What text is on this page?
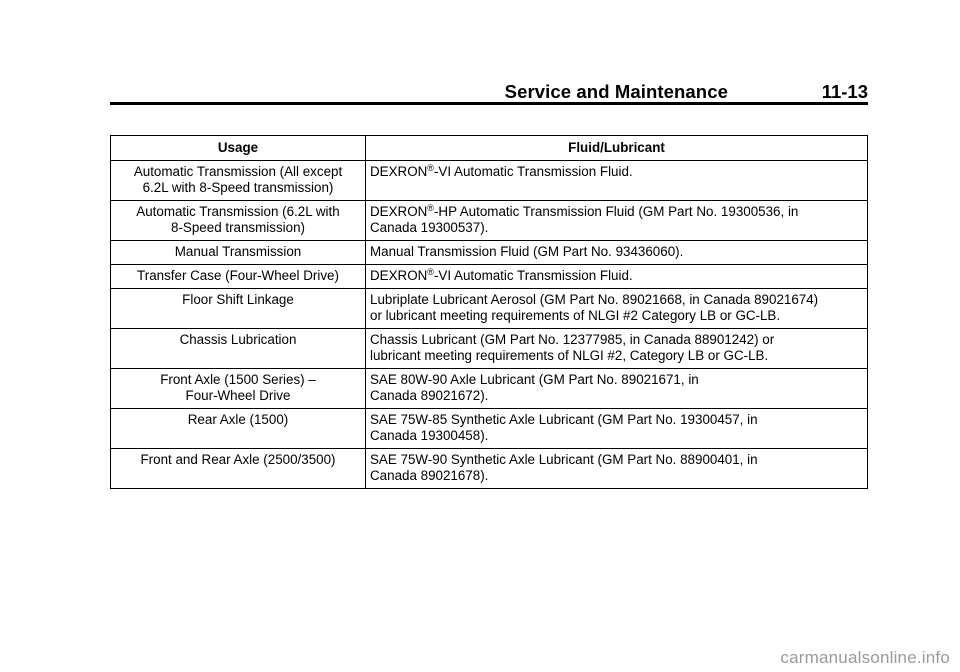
Service and Maintenance	11-13
Usage	Fluid/Lubricant
Automatic Transmission (All except
6.2L with 8-Speed transmission)	DEXRON®-VI Automatic Transmission Fluid.
Automatic Transmission (6.2L with
8-Speed transmission)	DEXRON®-HP Automatic Transmission Fluid (GM Part No. 19300536, in
Canada 19300537).
Manual Transmission	Manual Transmission Fluid (GM Part No. 93436060).
Transfer Case (Four-Wheel Drive)	DEXRON®-VI Automatic Transmission Fluid.
Floor Shift Linkage	Lubriplate Lubricant Aerosol (GM Part No. 89021668, in Canada 89021674)
or lubricant meeting requirements of NLGI #2 Category LB or GC-LB.
Chassis Lubrication	Chassis Lubricant (GM Part No. 12377985, in Canada 88901242) or
lubricant meeting requirements of NLGI #2, Category LB or GC-LB.
Front Axle (1500 Series) –
Four-Wheel Drive	SAE 80W-90 Axle Lubricant (GM Part No. 89021671, in
Canada 89021672).
Rear Axle (1500)	SAE 75W-85 Synthetic Axle Lubricant (GM Part No. 19300457, in
Canada 19300458).
Front and Rear Axle (2500/3500)	SAE 75W-90 Synthetic Axle Lubricant (GM Part No. 88900401, in
Canada 89021678).
carmanualsonline.info
